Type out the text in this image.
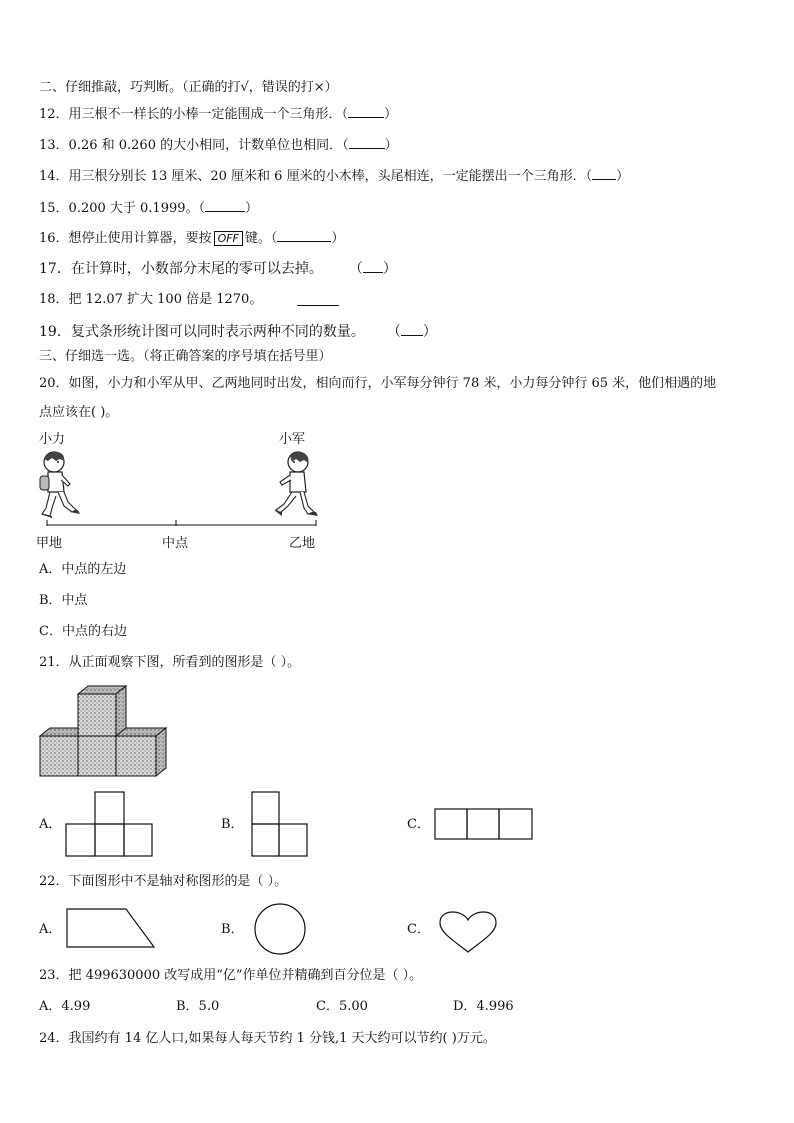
二、仔细推敲，巧判断。（正确的打√，错误的打×）
12．用三根不一样长的小棒一定能围成一个三角形．（	）
13．0.26 和 0.260 的大小相同，计数单位也相同．（	）
14．用三根分别长 13 厘米、20 厘米和 6 厘米的小木棒，头尾相连，一定能摆出一个三角形．（ ）
15．0.200 大于 0.1999。（	）
16．想停止使用计算器，要按 OFF 键。（	）
17．在计算时，小数部分末尾的零可以去掉。 （ ）
18．把 12.07 扩大 100 倍是 1270。
19．复式条形统计图可以同时表示两种不同的数量。 （ ）
三、仔细选一选。（将正确答案的序号填在括号里）
20．如图，小力和小军从甲、乙两地同时出发，相向而行，小军每分钟行 78 米，小力每分钟行 65 米，他们相遇的地
点应该在( )。
小力	小军
甲地	中点	乙地
A．中点的左边
B．中点
C．中点的右边
21．从正面观察下图，所看到的图形是（ ）。
A．	B．	C．
22．下面图形中不是轴对称图形的是（ ）。
A．	B．	C．
23．把 499630000 改写成用“亿”作单位并精确到百分位是（ ）。
A．4.99	B．5.0	C．5.00	D．4.996
24．我国约有 14 亿人口,如果每人每天节约 1 分钱,1 天大约可以节约( )万元。
